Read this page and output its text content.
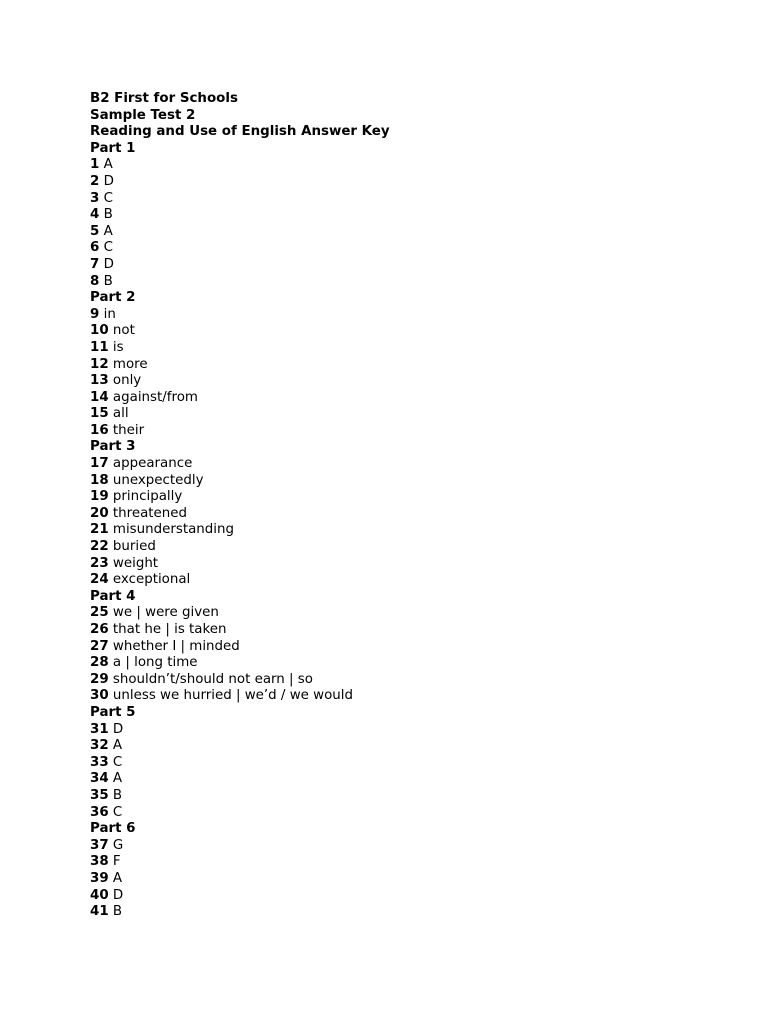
B2 First for Schools
Sample Test 2
Reading and Use of English Answer Key
Part 1
1 A
2 D
3 C
4 B
5 A
6 C
7 D
8 B
Part 2
9 in
10 not
11 is
12 more
13 only
14 against/from
15 all
16 their
Part 3
17 appearance
18 unexpectedly
19 principally
20 threatened
21 misunderstanding
22 buried
23 weight
24 exceptional
Part 4
25 we | were given
26 that he | is taken
27 whether I | minded
28 a | long time
29 shouldn’t/should not earn | so
30 unless we hurried | we’d / we would
Part 5
31 D
32 A
33 C
34 A
35 B
36 C
Part 6
37 G
38 F
39 A
40 D
41 B
